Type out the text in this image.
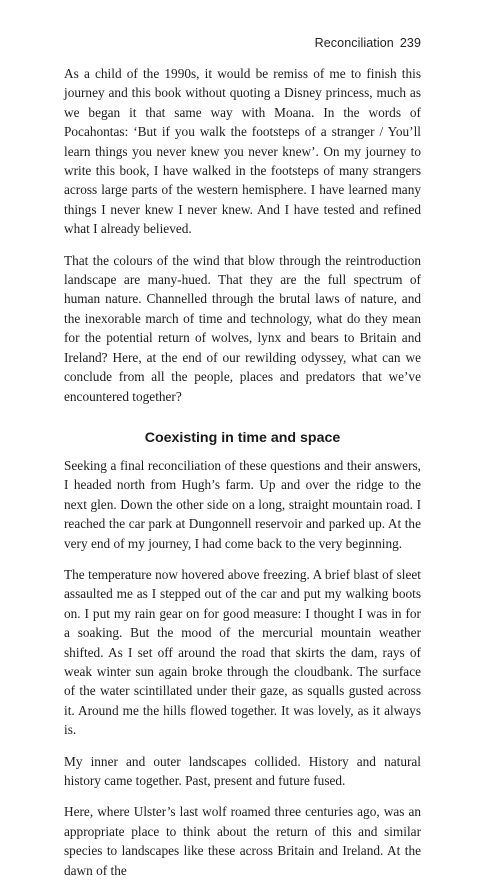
Reconciliation 239

As a child of the 1990s, it would be remiss of me to finish this journey and this book without quoting a Disney princess, much as we began it that same way with Moana. In the words of Pocahontas: ‘But if you walk the footsteps of a stranger / You’ll learn things you never knew you never knew’. On my journey to write this book, I have walked in the footsteps of many strangers across large parts of the western hemisphere. I have learned many things I never knew I never knew. And I have tested and refined what I already believed.

That the colours of the wind that blow through the reintroduction landscape are many-hued. That they are the full spectrum of human nature. Channelled through the brutal laws of nature, and the inexorable march of time and technology, what do they mean for the potential return of wolves, lynx and bears to Britain and Ireland? Here, at the end of our rewilding odyssey, what can we conclude from all the people, places and predators that we’ve encountered together?

Coexisting in time and space

Seeking a final reconciliation of these questions and their answers, I headed north from Hugh’s farm. Up and over the ridge to the next glen. Down the other side on a long, straight mountain road. I reached the car park at Dungonnell reservoir and parked up. At the very end of my journey, I had come back to the very beginning.

The temperature now hovered above freezing. A brief blast of sleet assaulted me as I stepped out of the car and put my walking boots on. I put my rain gear on for good measure: I thought I was in for a soaking. But the mood of the mercurial mountain weather shifted. As I set off around the road that skirts the dam, rays of weak winter sun again broke through the cloudbank. The surface of the water scintillated under their gaze, as squalls gusted across it. Around me the hills flowed together. It was lovely, as it always is.

My inner and outer landscapes collided. History and natural history came together. Past, present and future fused.

Here, where Ulster’s last wolf roamed three centuries ago, was an appropriate place to think about the return of this and similar species to landscapes like these across Britain and Ireland. At the dawn of the
